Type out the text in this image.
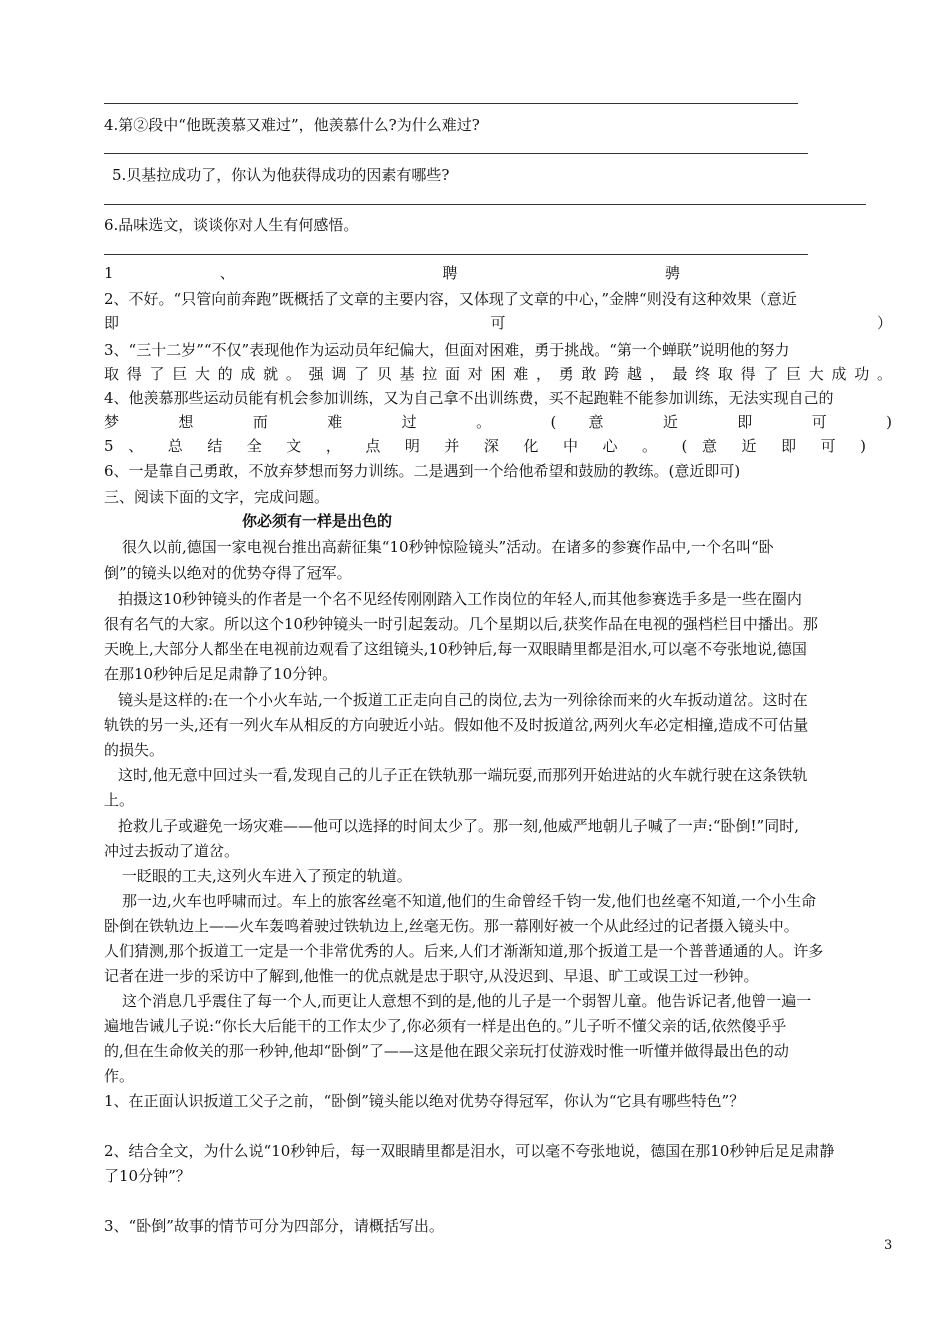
4.第②段中“他既羡慕又难过”，他羡慕什么?为什么难过?
5.贝基拉成功了，你认为他获得成功的因素有哪些?
6.品味选文，谈谈你对人生有何感悟。
1 、 聘 骋
2、不好。“只管向前奔跑”既概括了文章的主要内容，又体现了文章的中心，”金牌“则没有这种效果（意近
即 可 ）
3、“三十二岁”“不仅”表现他作为运动员年纪偏大，但面对困难，勇于挑战。“第一个蝉联”说明他的努力
取得了巨大的成就。强调了贝基拉面对困难，勇敢跨越，最终取得了巨大成功。
4、他羡慕那些运动员能有机会参加训练，又为自己拿不出训练费，买不起跑鞋不能参加训练，无法实现自己的
梦 想 而 难 过 。 ( 意 近 即 可 )
5 、 总 结 全 文 ， 点 明 并 深 化 中 心 。 ( 意 近 即 可 )
6、一是靠自己勇敢，不放弃梦想而努力训练。二是遇到一个给他希望和鼓励的教练。(意近即可)
三、阅读下面的文字，完成问题。
你必须有一样是出色的
很久以前,德国一家电视台推出高薪征集“10秒钟惊险镜头”活动。在诸多的参赛作品中,一个名叫“卧
倒”的镜头以绝对的优势夺得了冠军。
拍摄这10秒钟镜头的作者是一个名不见经传刚刚踏入工作岗位的年轻人,而其他参赛选手多是一些在圈内
很有名气的大家。所以这个10秒钟镜头一时引起轰动。几个星期以后,获奖作品在电视的强档栏目中播出。那
天晚上,大部分人都坐在电视前边观看了这组镜头,10秒钟后,每一双眼睛里都是泪水,可以毫不夸张地说,德国
在那10秒钟后足足肃静了10分钟。
镜头是这样的:在一个小火车站,一个扳道工正走向自己的岗位,去为一列徐徐而来的火车扳动道岔。这时在
轨铁的另一头,还有一列火车从相反的方向驶近小站。假如他不及时扳道岔,两列火车必定相撞,造成不可估量
的损失。
这时,他无意中回过头一看,发现自己的儿子正在铁轨那一端玩耍,而那列开始进站的火车就行驶在这条铁轨
上。
抢救儿子或避免一场灾难——他可以选择的时间太少了。那一刻,他威严地朝儿子喊了一声:“卧倒!”同时,
冲过去扳动了道岔。
一眨眼的工夫,这列火车进入了预定的轨道。
那一边,火车也呼啸而过。车上的旅客丝毫不知道,他们的生命曾经千钧一发,他们也丝毫不知道,一个小生命
卧倒在铁轨边上——火车轰鸣着驶过铁轨边上,丝毫无伤。那一幕刚好被一个从此经过的记者摄入镜头中。
人们猜测,那个扳道工一定是一个非常优秀的人。后来,人们才渐渐知道,那个扳道工是一个普普通通的人。许多
记者在进一步的采访中了解到,他惟一的优点就是忠于职守,从没迟到、早退、旷工或误工过一秒钟。
这个消息几乎震住了每一个人,而更让人意想不到的是,他的儿子是一个弱智儿童。他告诉记者,他曾一遍一
遍地告诫儿子说:“你长大后能干的工作太少了,你必须有一样是出色的。”儿子听不懂父亲的话,依然傻乎乎
的,但在生命攸关的那一秒钟,他却“卧倒”了——这是他在跟父亲玩打仗游戏时惟一听懂并做得最出色的动
作。
1、在正面认识扳道工父子之前，“卧倒”镜头能以绝对优势夺得冠军，你认为“它具有哪些特色”？
2、结合全文，为什么说“10秒钟后，每一双眼睛里都是泪水，可以毫不夸张地说，德国在那10秒钟后足足肃静
了10分钟”？
3、“卧倒”故事的情节可分为四部分，请概括写出。
3
